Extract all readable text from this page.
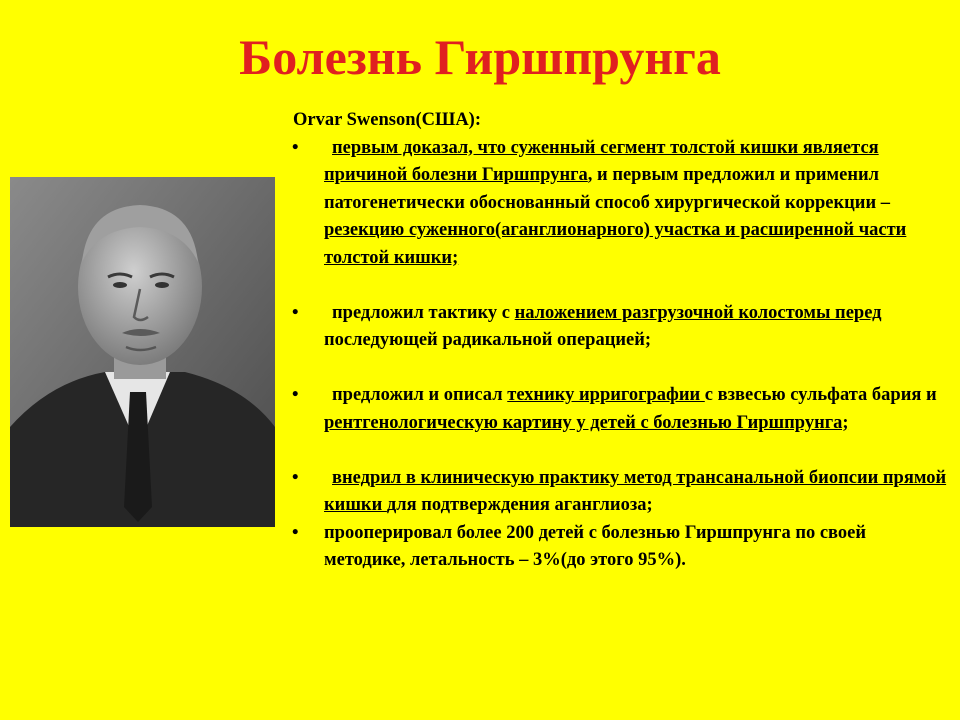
Болезнь Гиршпрунга
Orvar Swenson(США):
• первым доказал, что суженный сегмент толстой кишки является причиной болезни Гиршпрунга, и первым предложил и применил патогенетически обоснованный способ хирургической коррекции – резекцию суженного(аганглионарного) участка и расширенной части толстой кишки;
• предложил тактику с наложением разгрузочной колостомы перед последующей радикальной операцией;
• предложил и описал технику ирригографии с взвесью сульфата бария и рентгенологическую картину у детей с болезнью Гиршпрунга;
• внедрил в клиническую практику метод трансанальной биопсии прямой кишки для подтверждения аганглиоза;
• прооперировал более 200 детей с болезнью Гиршпрунга по своей методике, летальность – 3%(до этого 95%).
